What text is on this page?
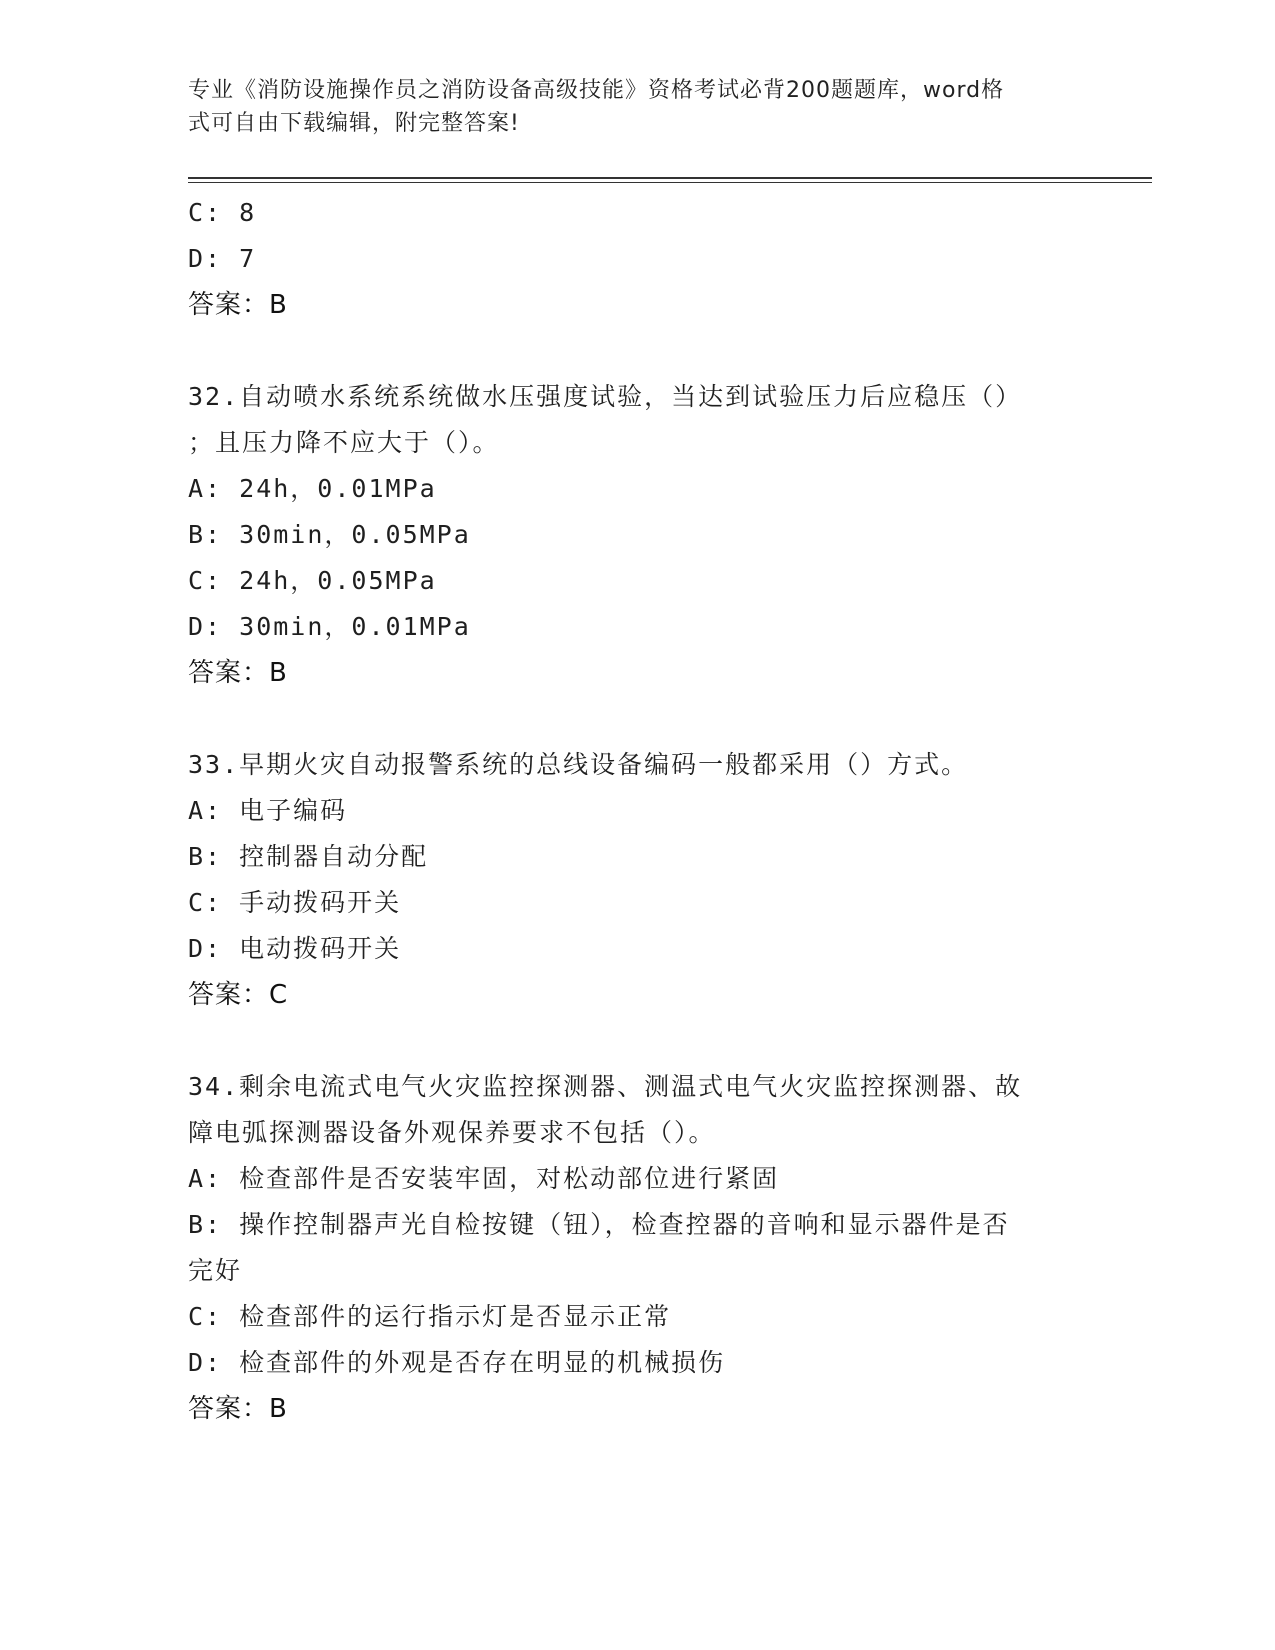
专业《消防设施操作员之消防设备高级技能》资格考试必背200题题库，word格
式可自由下载编辑，附完整答案!
C: 8
D: 7
答案：B
32.自动喷水系统系统做水压强度试验，当达到试验压力后应稳压（）
；且压力降不应大于（）。
A: 24h，0.01MPa
B: 30min，0.05MPa
C: 24h，0.05MPa
D: 30min，0.01MPa
答案：B
33.早期火灾自动报警系统的总线设备编码一般都采用（）方式。
A: 电子编码
B: 控制器自动分配
C: 手动拨码开关
D: 电动拨码开关
答案：C
34.剩余电流式电气火灾监控探测器、测温式电气火灾监控探测器、故
障电弧探测器设备外观保养要求不包括（）。
A: 检查部件是否安装牢固，对松动部位进行紧固
B: 操作控制器声光自检按键（钮），检查控器的音响和显示器件是否
完好
C: 检查部件的运行指示灯是否显示正常
D: 检查部件的外观是否存在明显的机械损伤
答案：B
